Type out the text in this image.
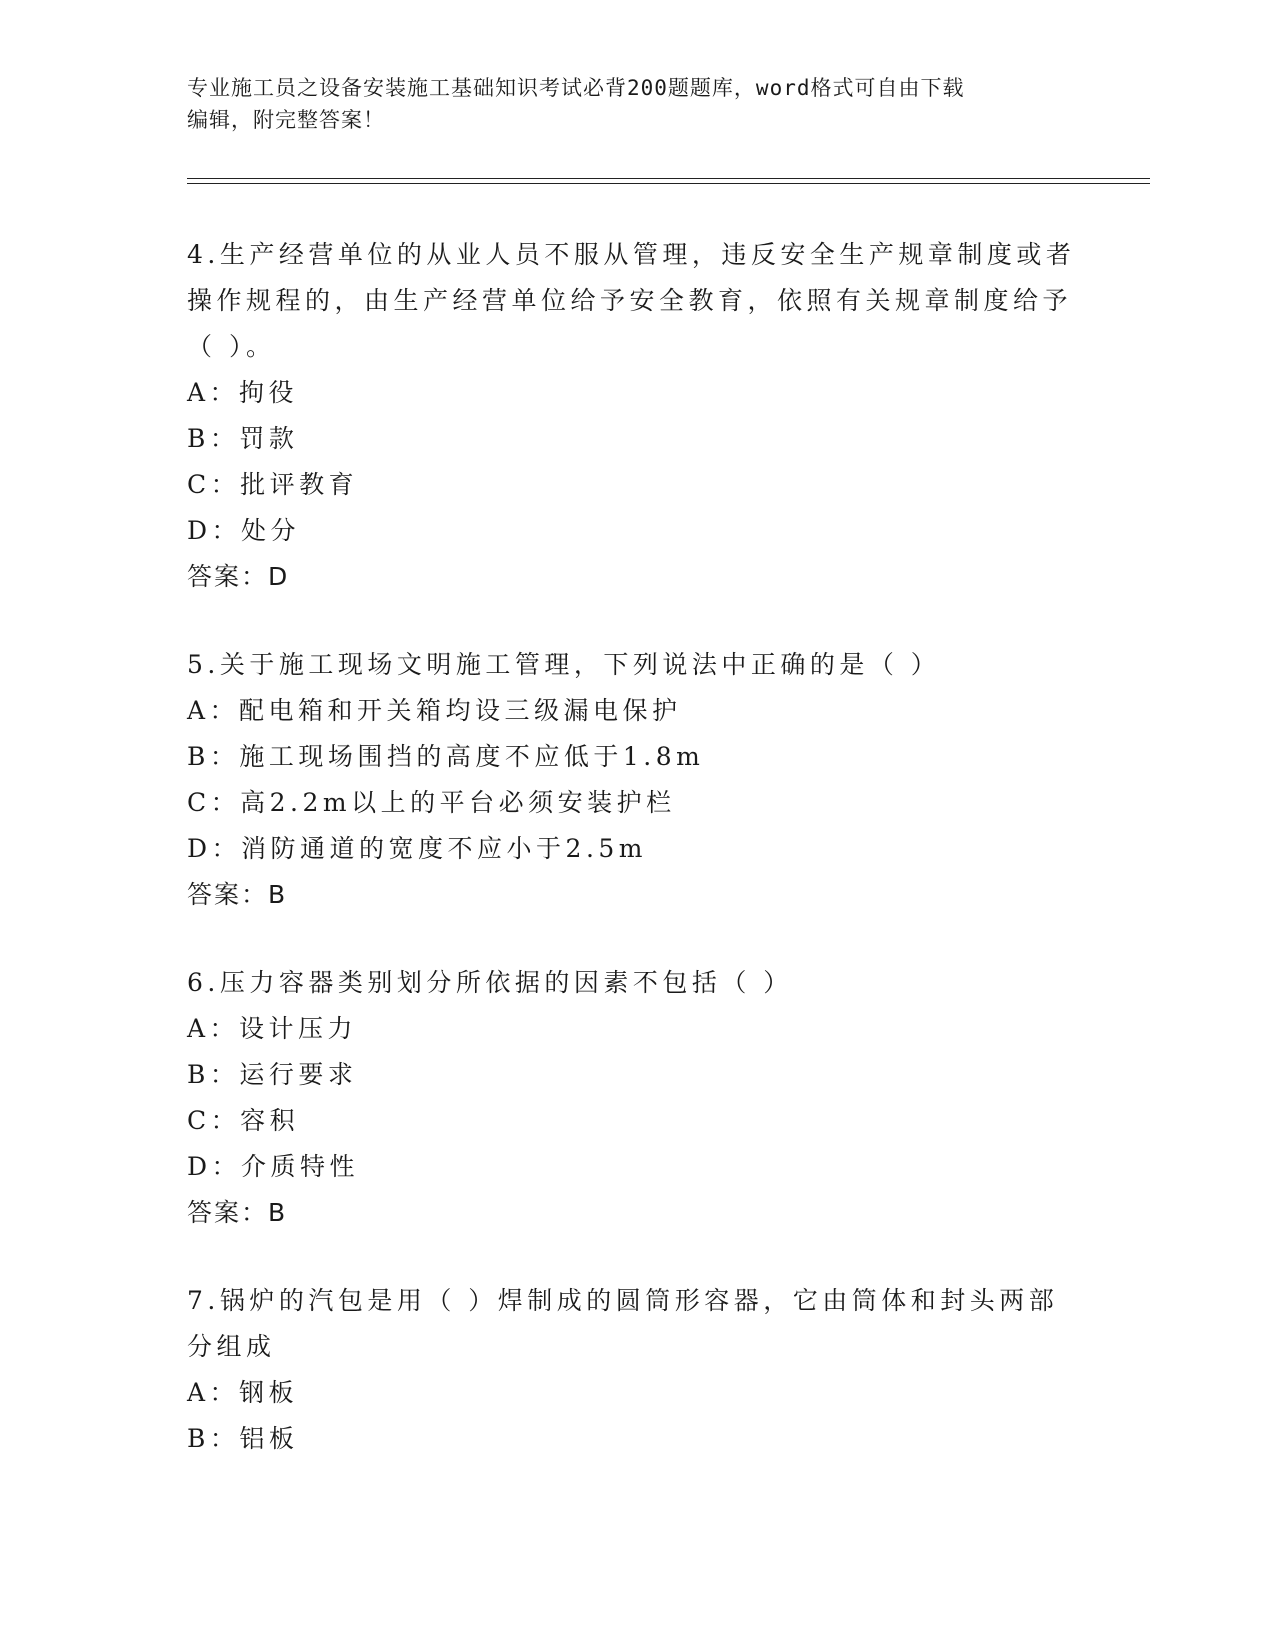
专业施工员之设备安装施工基础知识考试必背200题题库，word格式可自由下载
编辑，附完整答案！

4.生产经营单位的从业人员不服从管理，违反安全生产规章制度或者操作规程的，由生产经营单位给予安全教育，依照有关规章制度给予（ ）。

A：拘役

B：罚款

C：批评教育

D：处分

答案：D

5.关于施工现场文明施工管理，下列说法中正确的是（ ）

A：配电箱和开关箱均设三级漏电保护

B：施工现场围挡的高度不应低于1.8m

C：高2.2m以上的平台必须安装护栏

D：消防通道的宽度不应小于2.5m

答案：B

6.压力容器类别划分所依据的因素不包括（ ）

A：设计压力

B：运行要求

C：容积

D：介质特性

答案：B

7.锅炉的汽包是用（ ）焊制成的圆筒形容器，它由筒体和封头两部分组成

A：钢板

B：铝板
